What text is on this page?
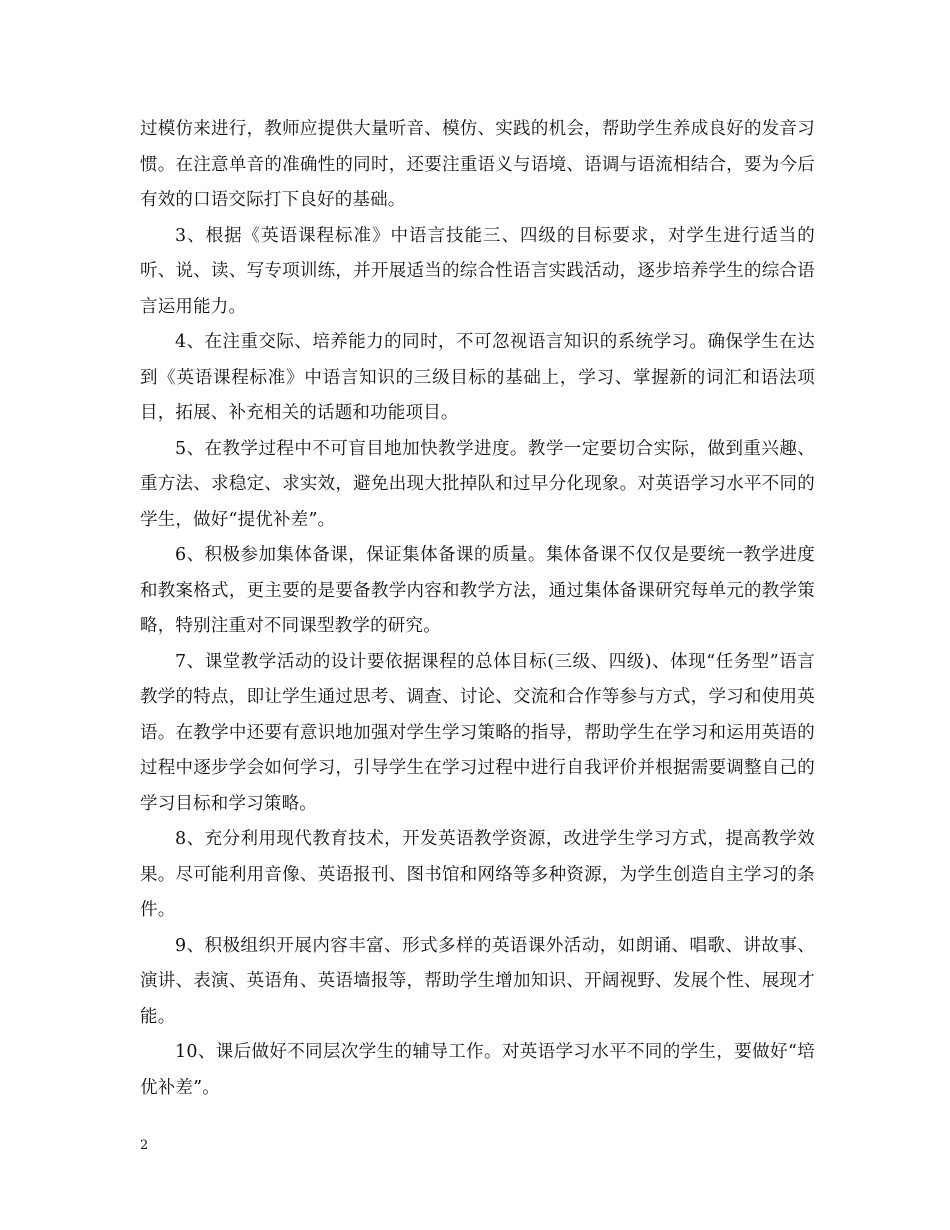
过模仿来进行，教师应提供大量听音、模仿、实践的机会，帮助学生养成良好的发音习惯。在注意单音的准确性的同时，还要注重语义与语境、语调与语流相结合，要为今后有效的口语交际打下良好的基础。

3、根据《英语课程标准》中语言技能三、四级的目标要求，对学生进行适当的听、说、读、写专项训练，并开展适当的综合性语言实践活动，逐步培养学生的综合语言运用能力。

4、在注重交际、培养能力的同时，不可忽视语言知识的系统学习。确保学生在达到《英语课程标准》中语言知识的三级目标的基础上，学习、掌握新的词汇和语法项目，拓展、补充相关的话题和功能项目。

5、在教学过程中不可盲目地加快教学进度。教学一定要切合实际，做到重兴趣、重方法、求稳定、求实效，避免出现大批掉队和过早分化现象。对英语学习水平不同的学生，做好“提优补差”。

6、积极参加集体备课，保证集体备课的质量。集体备课不仅仅是要统一教学进度和教案格式，更主要的是要备教学内容和教学方法，通过集体备课研究每单元的教学策略，特别注重对不同课型教学的研究。

7、课堂教学活动的设计要依据课程的总体目标(三级、四级)、体现“任务型”语言教学的特点，即让学生通过思考、调查、讨论、交流和合作等参与方式，学习和使用英语。在教学中还要有意识地加强对学生学习策略的指导，帮助学生在学习和运用英语的过程中逐步学会如何学习，引导学生在学习过程中进行自我评价并根据需要调整自己的学习目标和学习策略。

8、充分利用现代教育技术，开发英语教学资源，改进学生学习方式，提高教学效果。尽可能利用音像、英语报刊、图书馆和网络等多种资源，为学生创造自主学习的条件。

9、积极组织开展内容丰富、形式多样的英语课外活动，如朗诵、唱歌、讲故事、演讲、表演、英语角、英语墙报等，帮助学生增加知识、开阔视野、发展个性、展现才能。

10、课后做好不同层次学生的辅导工作。对英语学习水平不同的学生，要做好“培优补差”。

2
